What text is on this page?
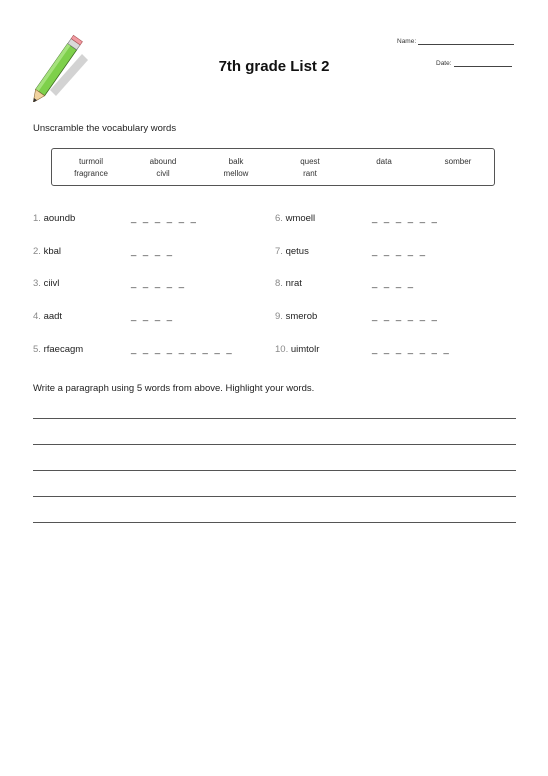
7th grade List 2
Name:
Date:
Unscramble the vocabulary words
turmoil	abound	balk	quest	data	somber
fragrance	civil	mellow	rant
1. aoundb	_ _ _ _ _ _
2. kbal	_ _ _ _
3. ciivl	_ _ _ _ _
4. aadt	_ _ _ _
5. rfaecagm	_ _ _ _ _ _ _ _ _
6. wmoell	_ _ _ _ _ _
7. qetus	_ _ _ _ _
8. nrat	_ _ _ _
9. smerob	_ _ _ _ _ _
10. uimtolr	_ _ _ _ _ _ _
Write a paragraph using 5 words from above. Highlight your words.
